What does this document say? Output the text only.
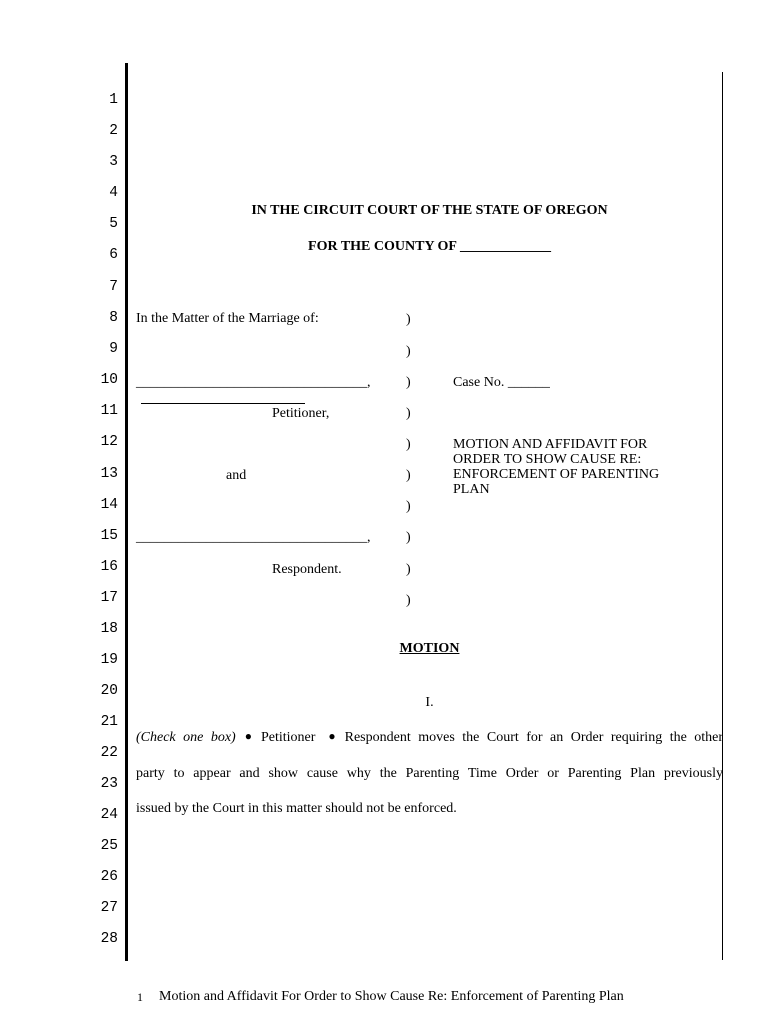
1
2
3
4
5
6
7
8
9
10
11
12
13
14
15
16
17
18
19
20
21
22
23
24
25
26
27
28
IN THE CIRCUIT COURT OF THE STATE OF OREGON
FOR THE COUNTY OF _____________
In the Matter of the Marriage of:
_________________________________,
Petitioner,
and
_________________________________,
Respondent.
)
)
)
)
)
)
)
)
)
)
Case No. ______
MOTION AND AFFIDAVIT FOR
ORDER TO SHOW CAUSE RE:
ENFORCEMENT OF PARENTING
PLAN
MOTION
I.
(Check one box) ● Petitioner ● Respondent moves the Court for an Order requiring the other
party to appear and show cause why the Parenting Time Order or Parenting Plan previously
issued by the Court in this matter should not be enforced.
1 Motion and Affidavit For Order to Show Cause Re: Enforcement of Parenting Plan
